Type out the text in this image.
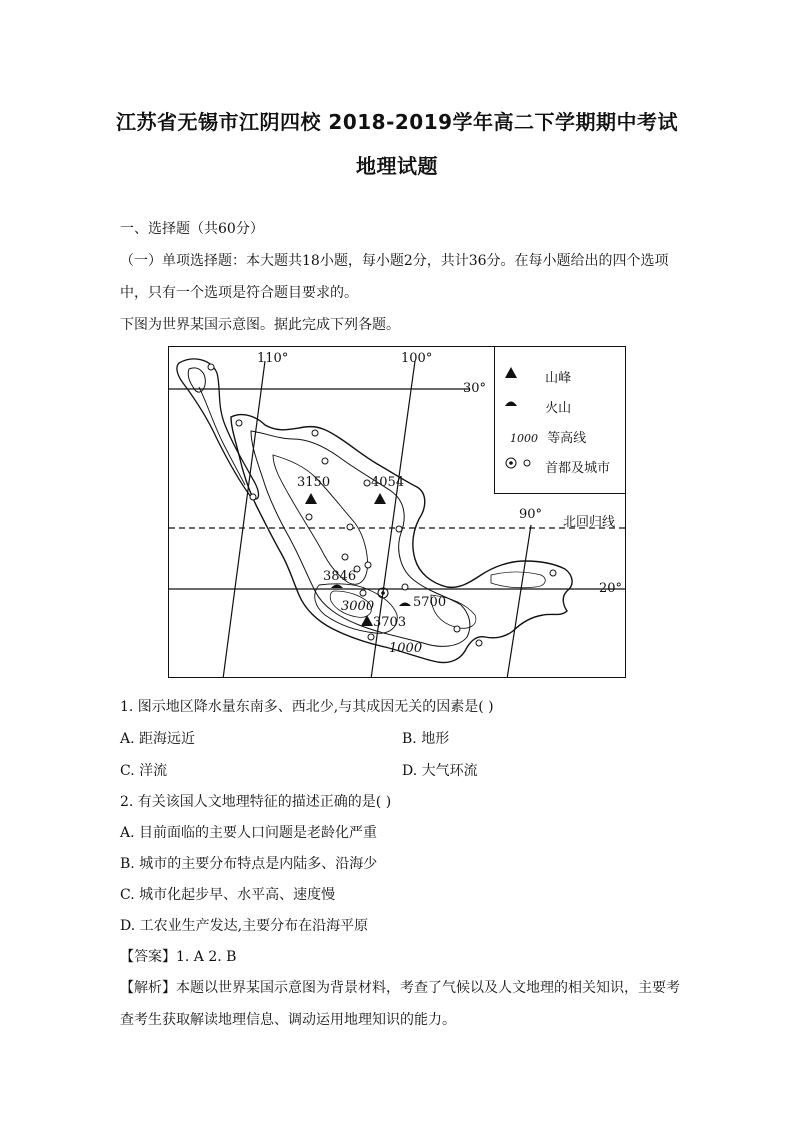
江苏省无锡市江阴四校 2018-2019学年高二下学期期中考试
地理试题
一、选择题（共60分）
（一）单项选择题：本大题共18小题，每小题2分，共计36分。在每小题给出的四个选项
中，只有一个选项是符合题目要求的。
下图为世界某国示意图。据此完成下列各题。
110°	100°
30°
90°
北回归线
20°
3150	4054
3846
5700
3703
3000
1000
山峰
火山
1000 等高线
首都及城市
1. 图示地区降水量东南多、西北少,与其成因无关的因素是( )
A. 距海远近	B. 地形
C. 洋流	D. 大气环流
2. 有关该国人文地理特征的描述正确的是( )
A. 目前面临的主要人口问题是老龄化严重
B. 城市的主要分布特点是内陆多、沿海少
C. 城市化起步早、水平高、速度慢
D. 工农业生产发达,主要分布在沿海平原
【答案】1. A 2. B
【解析】本题以世界某国示意图为背景材料，考查了气候以及人文地理的相关知识，主要考
查考生获取解读地理信息、调动运用地理知识的能力。
